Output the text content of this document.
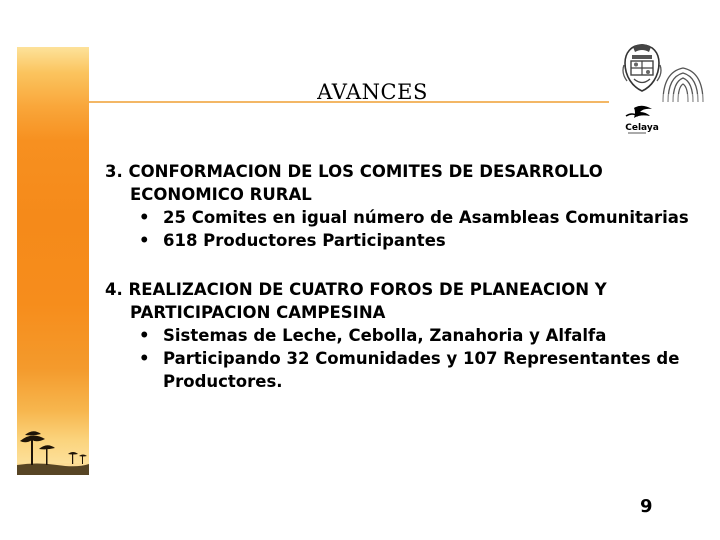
AVANCES
Celaya
3. CONFORMACION DE LOS COMITES DE DESARROLLO ECONOMICO RURAL
• 25 Comites en igual número de Asambleas Comunitarias
• 618 Productores Participantes
4. REALIZACION DE CUATRO FOROS DE PLANEACION Y PARTICIPACION CAMPESINA
• Sistemas de Leche, Cebolla, Zanahoria y Alfalfa
• Participando 32 Comunidades y 107 Representantes de Productores.
9
